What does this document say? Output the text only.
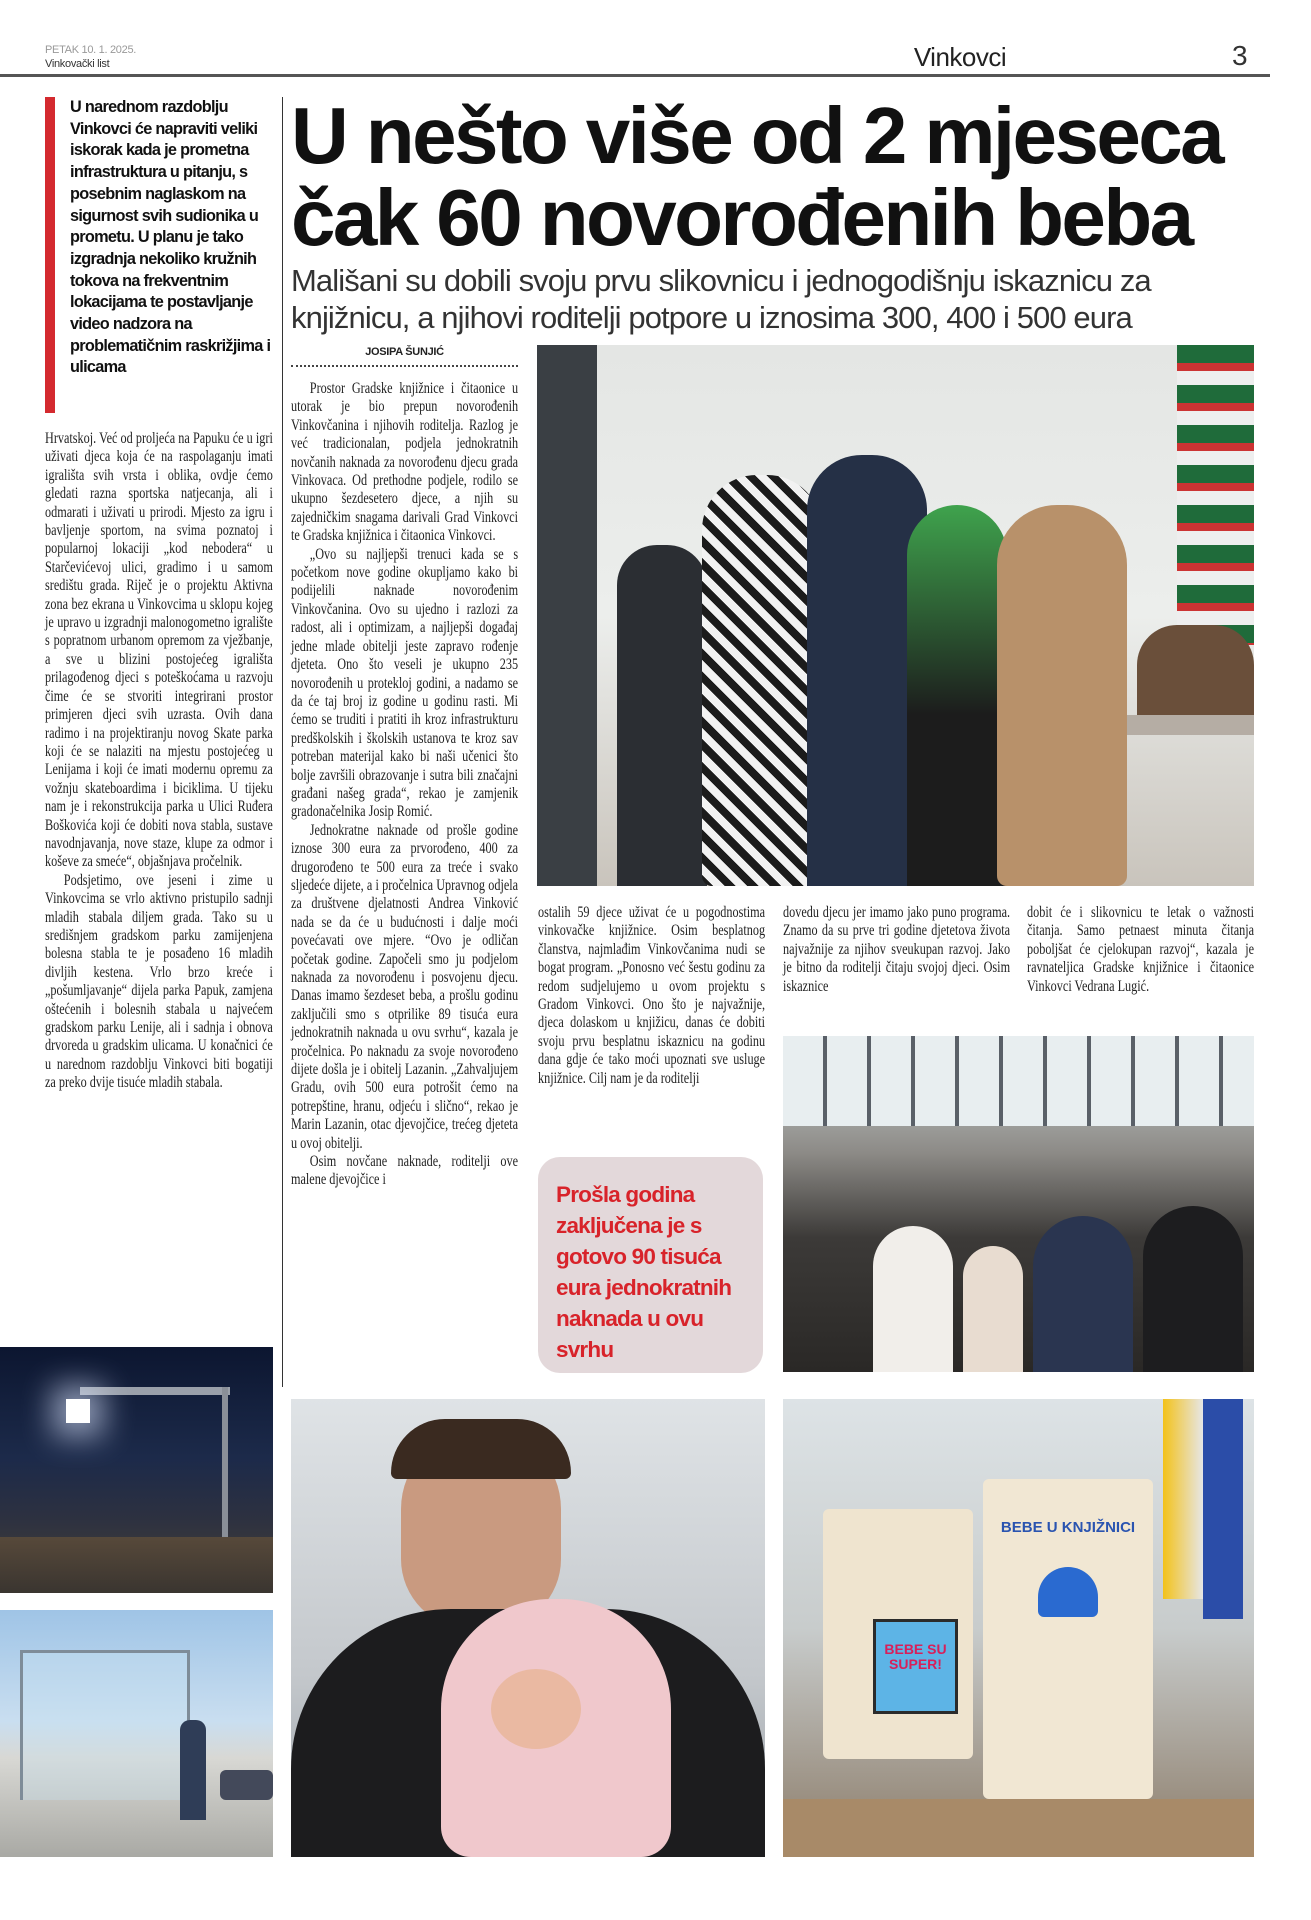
PETAK 10. 1. 2025.
Vinkovački list	Vinkovci	3
U narednom razdoblju Vinkovci će napraviti veliki iskorak kada je prometna infrastruktura u pitanju, s posebnim naglaskom na sigurnost svih sudionika u prometu. U planu je tako izgradnja nekoliko kružnih tokova na frekventnim lokacijama te postavljanje video nadzora na problematičnim raskrižjima i ulicama

Hrvatskoj. Već od proljeća na Papuku će u igri uživati djeca koja će na raspolaganju imati igrališta svih vrsta i oblika, ovdje ćemo gledati razna sportska natjecanja, ali i odmarati i uživati u prirodi. Mjesto za igru i bavljenje sportom, na svima poznatoj i popularnoj lokaciji „kod nebodera“ u Starčevićevoj ulici, gradimo i u samom središtu grada. Riječ je o projektu Aktivna zona bez ekrana u Vinkovcima u sklopu kojeg je upravo u izgradnji malonogometno igralište s popratnom urbanom opremom za vježbanje, a sve u blizini postojećeg igrališta prilagođenog djeci s poteškoćama u razvoju čime će se stvoriti integrirani prostor primjeren djeci svih uzrasta. Ovih dana radimo i na projektiranju novog Skate parka koji će se nalaziti na mjestu postojećeg u Lenijama i koji će imati modernu opremu za vožnju skateboardima i biciklima. U tijeku nam je i rekonstrukcija parka u Ulici Ruđera Boškovića koji će dobiti nova stabla, sustave navodnjavanja, nove staze, klupe za odmor i koševe za smeće“, objašnjava pročelnik.

Podsjetimo, ove jeseni i zime u Vinkovcima se vrlo aktivno pristupilo sadnji mladih stabala diljem grada. Tako su u središnjem gradskom parku zamijenjena bolesna stabla te je posađeno 16 mladih divljih kestena. Vrlo brzo kreće i „pošumljavanje“ dijela parka Papuk, zamjena oštećenih i bolesnih stabala u najvećem gradskom parku Lenije, ali i sadnja i obnova drvoreda u gradskim ulicama. U konačnici će u narednom razdoblju Vinkovci biti bogatiji za preko dvije tisuće mladih stabala.

U nešto više od 2 mjeseca čak 60 novorođenih beba
Mališani su dobili svoju prvu slikovnicu i jednogodišnju iskaznicu za knjižnicu, a njihovi roditelji potpore u iznosima 300, 400 i 500 eura
JOSIPA ŠUNJIĆ

Prostor Gradske knjižnice i čitaonice u utorak je bio prepun novorođenih Vinkovčanina i njihovih roditelja. Razlog je već tradicionalan, podjela jednokratnih novčanih naknada za novorođenu djecu grada Vinkovaca. Od prethodne podjele, rodilo se ukupno šezdesetero djece, a njih su zajedničkim snagama darivali Grad Vinkovci te Gradska knjižnica i čitaonica Vinkovci.

„Ovo su najljepši trenuci kada se s početkom nove godine okupljamo kako bi podijelili naknade novorođenim Vinkovčanina. Ovo su ujedno i razlozi za radost, ali i optimizam, a najljepši događaj jedne mlade obitelji jeste zapravo rođenje djeteta. Ono što veseli je ukupno 235 novorođenih u protekloj godini, a nadamo se da će taj broj iz godine u godinu rasti. Mi ćemo se truditi i pratiti ih kroz infrastrukturu predškolskih i školskih ustanova te kroz sav potreban materijal kako bi naši učenici što bolje završili obrazovanje i sutra bili značajni građani našeg grada“, rekao je zamjenik gradonačelnika Josip Romić.

Jednokratne naknade od prošle godine iznose 300 eura za prvorođeno, 400 za drugorođeno te 500 eura za treće i svako sljedeće dijete, a i pročelnica Upravnog odjela za društvene djelatnosti Andrea Vinković nada se da će u budućnosti i dalje moći povećavati ove mjere. “Ovo je odličan početak godine. Započeli smo ju podjelom naknada za novorođenu i posvojenu djecu. Danas imamo šezdeset beba, a prošlu godinu zaključili smo s otprilike 89 tisuća eura jednokratnih naknada u ovu svrhu“, kazala je pročelnica. Po naknadu za svoje novorođeno dijete došla je i obitelj Lazanin. „Zahvaljujem Gradu, ovih 500 eura potrošit ćemo na potrepštine, hranu, odjeću i slično“, rekao je Marin Lazanin, otac djevojčice, trećeg djeteta u ovoj obitelji.

Osim novčane naknade, roditelji ove malene djevojčice i

ostalih 59 djece uživat će u pogodnostima vinkovačke knjižnice. Osim besplatnog članstva, najmlađim Vinkovčanima nudi se bogat program. „Ponosno već šestu godinu za redom sudjelujemo u ovom projektu s Gradom Vinkovci. Ono što je najvažnije, djeca dolaskom u knjižicu, danas će dobiti svoju prvu besplatnu iskaznicu na godinu dana gdje će tako moći upoznati sve usluge knjižnice. Cilj nam je da roditelji

dovedu djecu jer imamo jako puno programa. Znamo da su prve tri godine djetetova života najvažnije za njihov sveukupan razvoj. Jako je bitno da roditelji čitaju svojoj djeci. Osim iskaznice

dobit će i slikovnicu te letak o važnosti čitanja. Samo petnaest minuta čitanja poboljšat će cjelokupan razvoj“, kazala je ravnateljica Gradske knjižnice i čitaonice Vinkovci Vedrana Lugić.

Prošla godina zaključena je s gotovo 90 tisuća eura jednokratnih naknada u ovu svrhu
BEBE U KNJIŽNICI
BEBE SU SUPER!
